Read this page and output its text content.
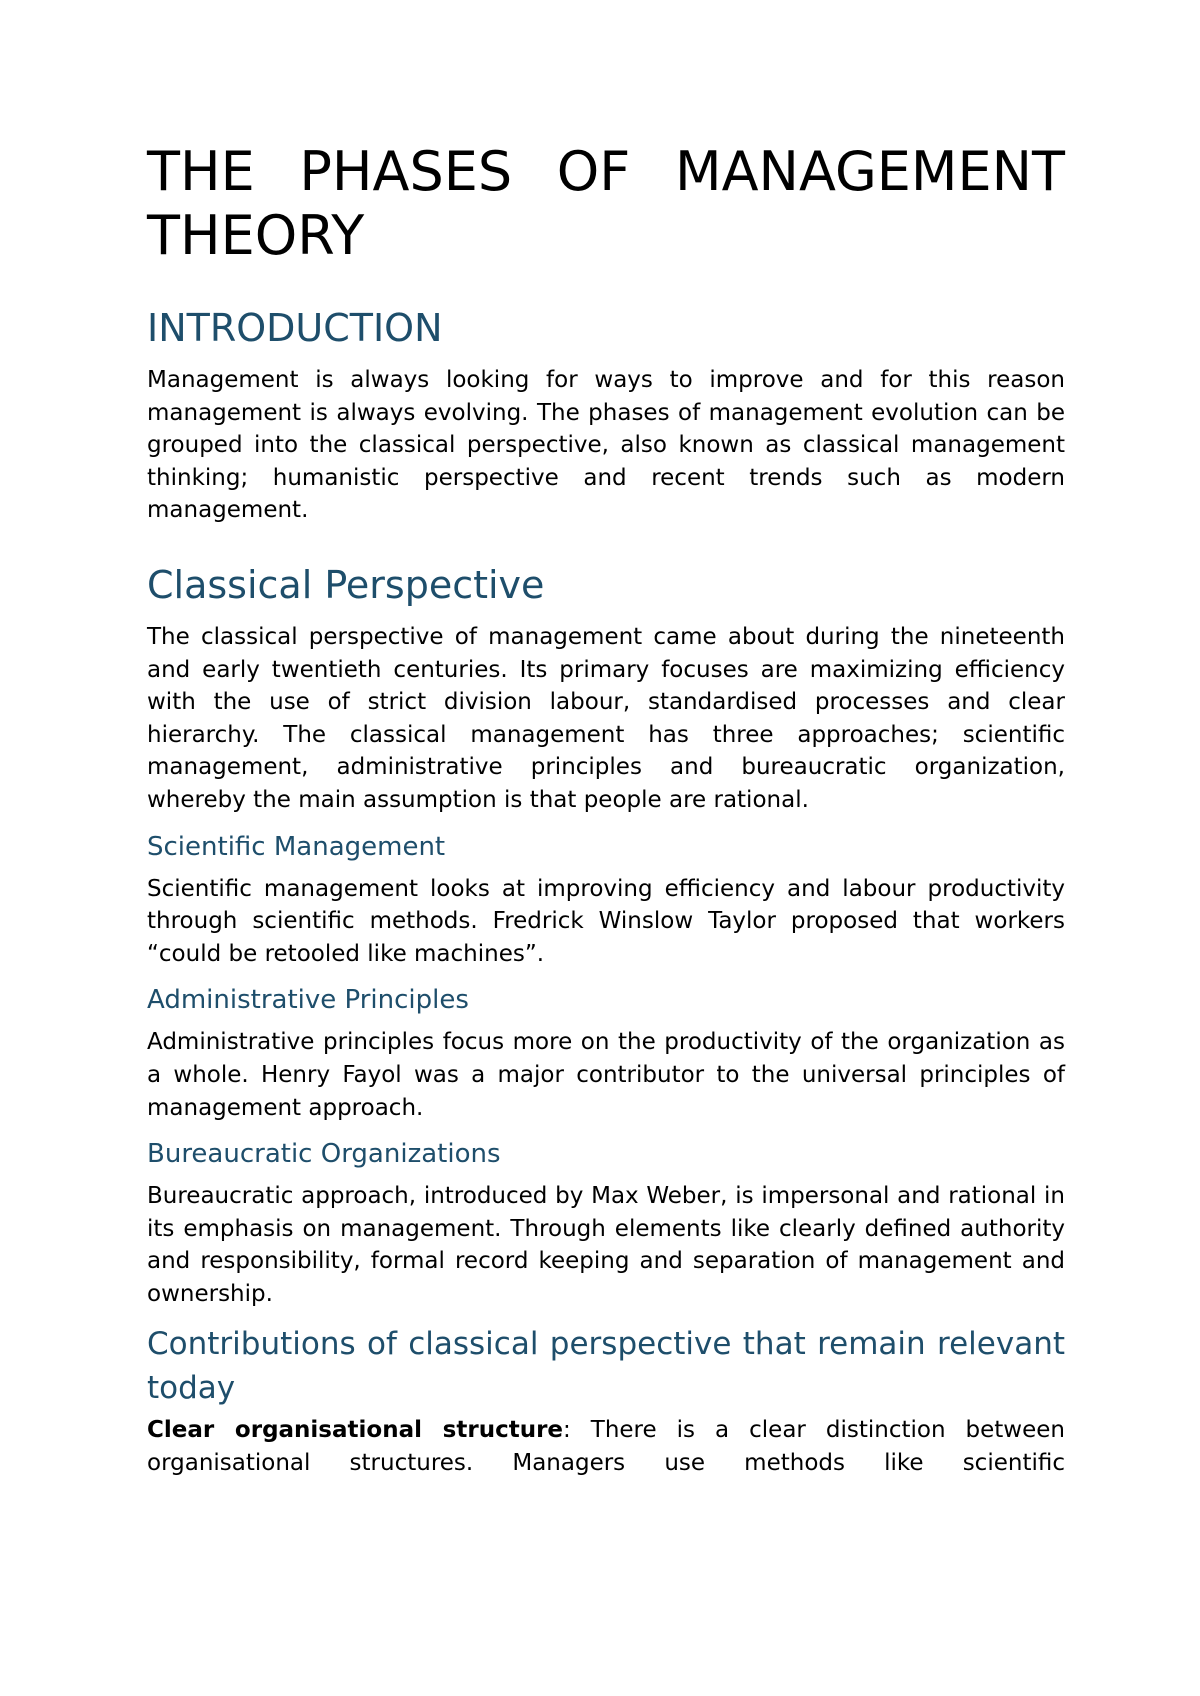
THE PHASES OF MANAGEMENT THEORY
INTRODUCTION

Management is always looking for ways to improve and for this reason management is always evolving. The phases of management evolution can be grouped into the classical perspective, also known as classical management thinking; humanistic perspective and recent trends such as modern management.

Classical Perspective

The classical perspective of management came about during the nineteenth and early twentieth centuries. Its primary focuses are maximizing efficiency with the use of strict division labour, standardised processes and clear hierarchy. The classical management has three approaches; scientific management, administrative principles and bureaucratic organization, whereby the main assumption is that people are rational.

Scientific Management

Scientific management looks at improving efficiency and labour productivity through scientific methods. Fredrick Winslow Taylor proposed that workers “could be retooled like machines”.

Administrative Principles

Administrative principles focus more on the productivity of the organization as a whole. Henry Fayol was a major contributor to the universal principles of management approach.

Bureaucratic Organizations

Bureaucratic approach, introduced by Max Weber, is impersonal and rational in its emphasis on management. Through elements like clearly defined authority and responsibility, formal record keeping and separation of management and ownership.

Contributions of classical perspective that remain relevant today

Clear organisational structure: There is a clear distinction between organisational structures. Managers use methods like scientific
